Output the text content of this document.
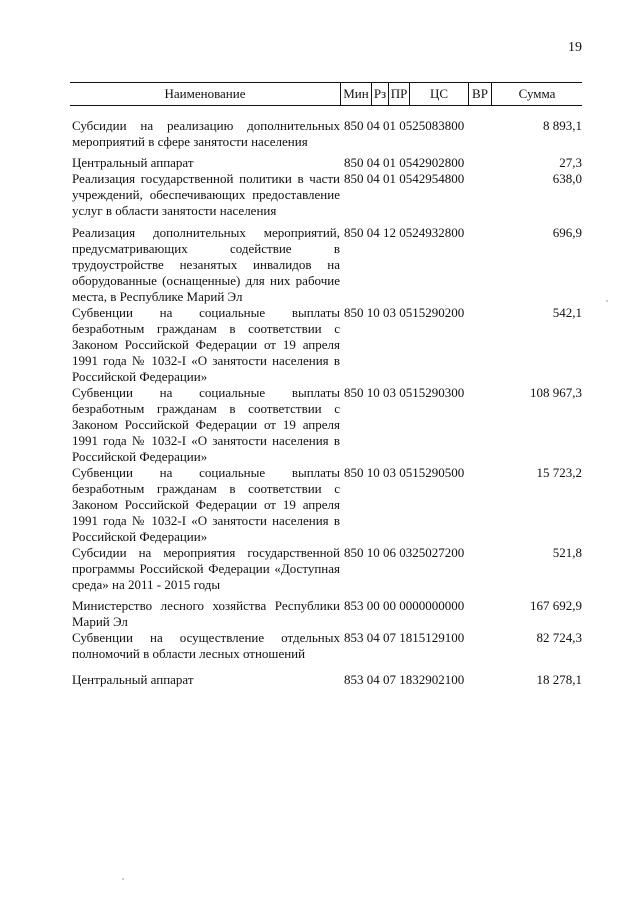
19
Наименование	Мин Рз ПР	ЦС	ВР	Сумма
Субсидии на реализацию дополнительных мероприятий в сфере занятости населения
850 04 01 0525083800	8 893,1
Центральный аппарат	850 04 01 0542902800	27,3
Реализация государственной политики в части учреждений, обеспечивающих предоставление услуг в области занятости населения
850 04 01 0542954800	638,0
Реализация дополнительных мероприятий, предусматривающих содействие в трудоустройстве незанятых инвалидов на оборудованные (оснащенные) для них рабочие места, в Республике Марий Эл
850 04 12 0524932800	696,9
Субвенции на социальные выплаты безработным гражданам в соответствии с Законом Российской Федерации от 19 апреля 1991 года № 1032-I «О занятости населения в Российской Федерации»
850 10 03 0515290200	542,1
Субвенции на социальные выплаты безработным гражданам в соответствии с Законом Российской Федерации от 19 апреля 1991 года № 1032-I «О занятости населения в Российской Федерации»
850 10 03 0515290300	108 967,3
Субвенции на социальные выплаты безработным гражданам в соответствии с Законом Российской Федерации от 19 апреля 1991 года № 1032-I «О занятости населения в Российской Федерации»
850 10 03 0515290500	15 723,2
Субсидии на мероприятия государственной программы Российской Федерации «Доступная среда» на 2011 - 2015 годы
850 10 06 0325027200	521,8
Министерство лесного хозяйства Республики Марий Эл
853 00 00 0000000000	167 692,9
Субвенции на осуществление отдельных полномочий в области лесных отношений
853 04 07 1815129100	82 724,3
Центральный аппарат	853 04 07 1832902100	18 278,1
